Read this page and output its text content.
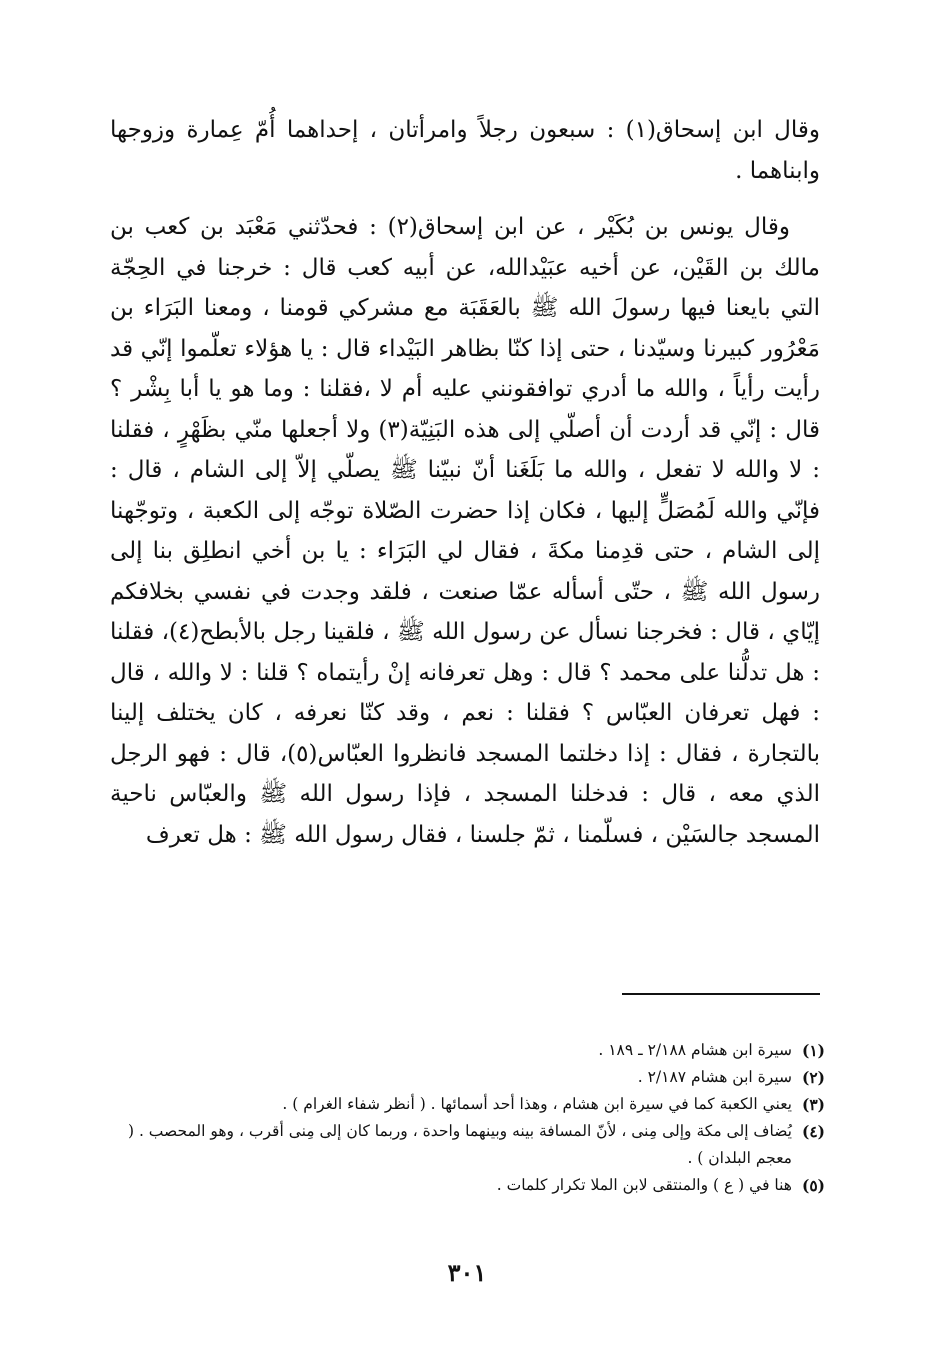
وقال ابن إسحاق(١) : سبعون رجلاً وامرأتان ، إحداهما أُمّ عِمارة وزوجها وابناهما .

وقال يونس بن بُكَيْر ، عن ابن إسحاق(٢) : فحدّثني مَعْبَد بن كعب بن مالك بن القَيْن، عن أخيه عبَيْدالله، عن أبيه كعب قال : خرجنا في الحِجّة التي بايعنا فيها رسولَ الله ﷺ بالعَقَبَة مع مشركي قومنا ، ومعنا البَرَاء بن مَعْرُور كبيرنا وسيّدنا ، حتى إذا كنّا بظاهر البَيْداء قال : يا هؤلاء تعلّموا إنّي قد رأيت رأياً ، والله ما أدري توافقونني عليه أم لا ،فقلنا : وما هو يا أبا بِشْر ؟ قال : إنّي قد أردت أن أصلّي إلى هذه البَنِيّة(٣) ولا أجعلها منّي بظَهْرٍ ، فقلنا : لا والله لا تفعل ، والله ما بَلَغَنا أنّ نبيّنا ﷺ يصلّي إلاّ إلى الشام ، قال : فإنّي والله لَمُصَلٍّ إليها ، فكان إذا حضرت الصّلاة توجّه إلى الكعبة ، وتوجّهنا إلى الشام ، حتى قدِمنا مكةَ ، فقال لي البَرَاء : يا بن أخي انطلِق بنا إلى رسول الله ﷺ ، حتّى أسأله عمّا صنعت ، فلقد وجدت في نفسي بخلافكم إيّاي ، قال : فخرجنا نسأل عن رسول الله ﷺ ، فلقينا رجل بالأبطح(٤)، فقلنا : هل تدلُّنا على محمد ؟ قال : وهل تعرفانه إنْ رأيتماه ؟ قلنا : لا والله ، قال : فهل تعرفان العبّاس ؟ فقلنا : نعم ، وقد كنّا نعرفه ، كان يختلف إلينا بالتجارة ، فقال : إذا دخلتما المسجد فانظروا العبّاس(٥)، قال : فهو الرجل الذي معه ، قال : فدخلنا المسجد ، فإذا رسول الله ﷺ والعبّاس ناحية المسجد جالسَيْن ، فسلّمنا ، ثمّ جلسنا ، فقال رسول الله ﷺ : هل تعرف

(١)
سيرة ابن هشام ٢/١٨٨ ـ ١٨٩ .
(٢)
سيرة ابن هشام ٢/١٨٧ .
(٣)
يعني الكعبة كما في سيرة ابن هشام ، وهذا أحد أسمائها . ( أنظر شفاء الغرام ) .
(٤)
يُضاف إلى مكة وإلى مِنى ، لأنّ المسافة بينه وبينهما واحدة ، وربما كان إلى مِنى أقرب ، وهو المحصب . ( معجم البلدان ) .
(٥)
هنا في ( ع ) والمنتقى لابن الملا تكرار كلمات .
٣٠١
